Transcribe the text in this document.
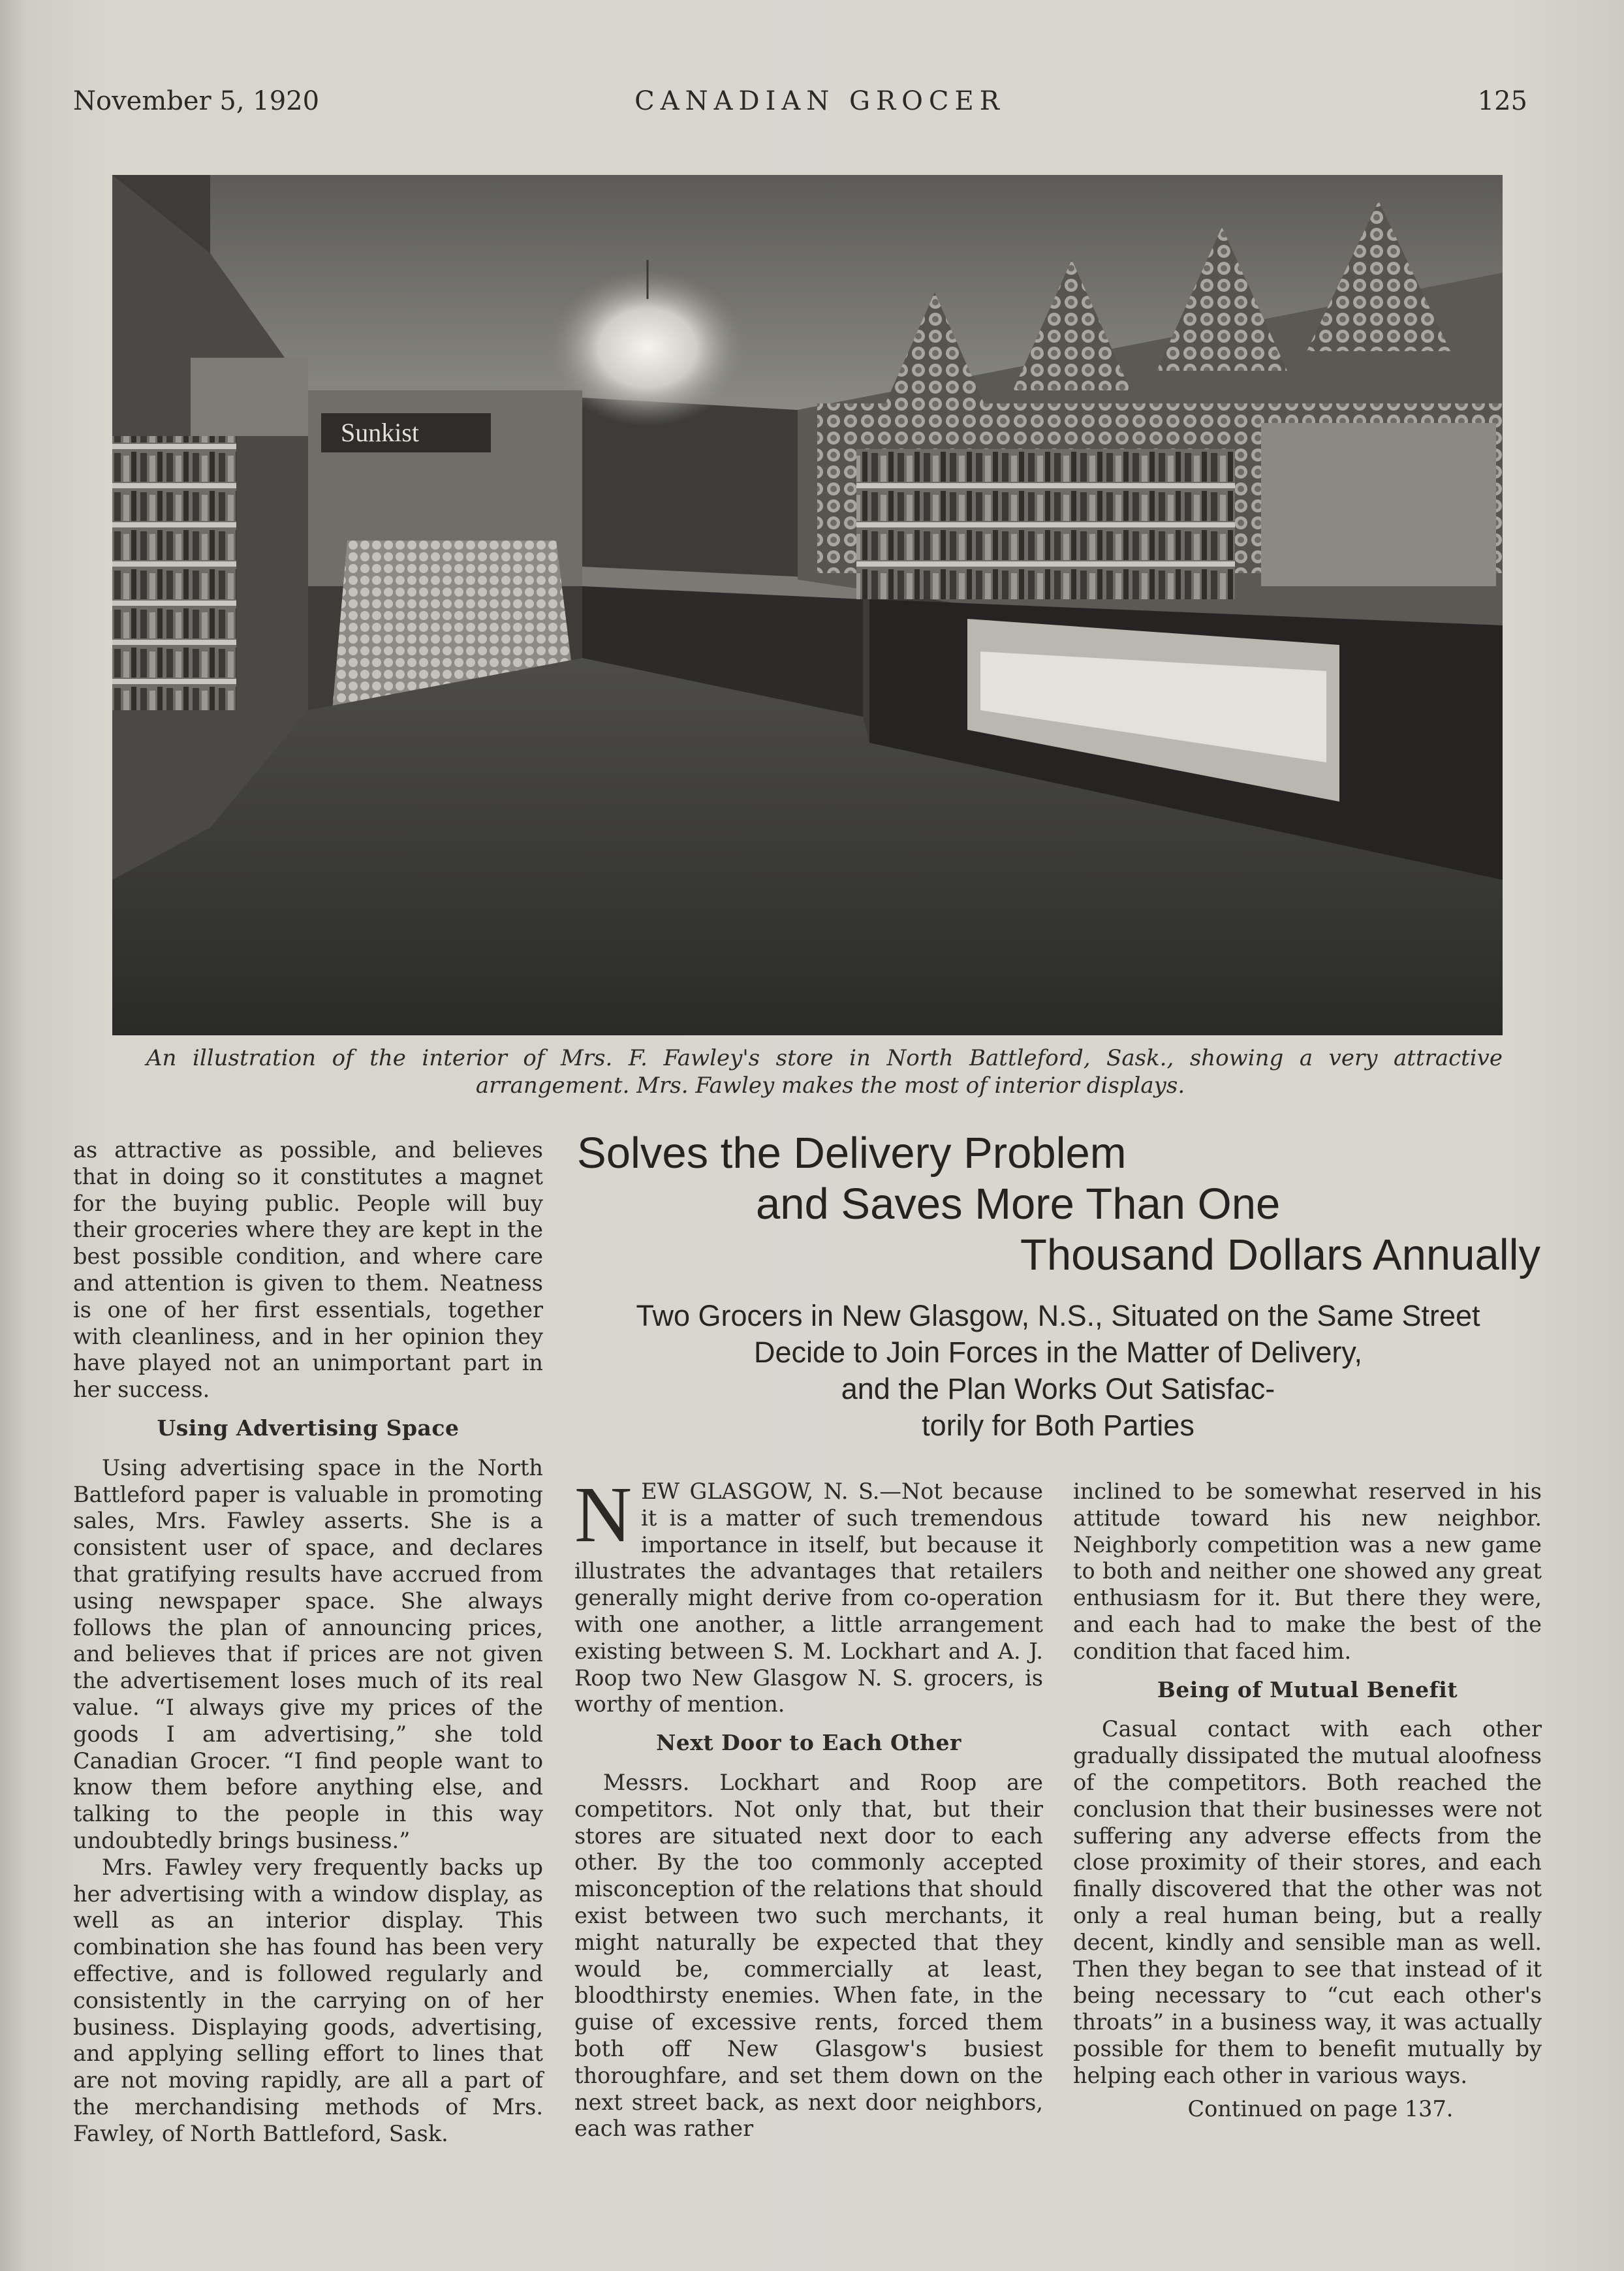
November 5, 1920	CANADIAN GROCER	125
Sunkist
An illustration of the interior of Mrs. F. Fawley's store in North Battleford, Sask., showing a very attractive
arrangement. Mrs. Fawley makes the most of interior displays.

as attractive as possible, and believes that in doing so it constitutes a magnet for the buying public. People will buy their groceries where they are kept in the best possible condition, and where care and attention is given to them. Neatness is one of her first essentials, together with cleanliness, and in her opinion they have played not an unimportant part in her success.

Using Advertising Space

Using advertising space in the North Battleford paper is valuable in promoting sales, Mrs. Fawley asserts. She is a consistent user of space, and declares that gratifying results have accrued from using newspaper space. She always follows the plan of announcing prices, and believes that if prices are not given the advertisement loses much of its real value. “I always give my prices of the goods I am advertising,” she told Canadian Grocer. “I find people want to know them before anything else, and talking to the people in this way undoubtedly brings business.”

Mrs. Fawley very frequently backs up her advertising with a window display, as well as an interior display. This combination she has found has been very effective, and is followed regularly and consistently in the carrying on of her business. Displaying goods, advertising, and applying selling effort to lines that are not moving rapidly, are all a part of the merchandising methods of Mrs. Fawley, of North Battleford, Sask.

Solves the Delivery Problem
and Saves More Than One
Thousand Dollars Annually
Two Grocers in New Glasgow, N.S., Situated on the Same Street
Decide to Join Forces in the Matter of Delivery,
and the Plan Works Out Satisfac-
torily for Both Parties

NEW GLASGOW, N. S.—Not because it is a matter of such tremendous importance in itself, but because it illustrates the advantages that retailers generally might derive from co-operation with one another, a little arrangement existing between S. M. Lockhart and A. J. Roop two New Glasgow N. S. grocers, is worthy of mention.

Next Door to Each Other

Messrs. Lockhart and Roop are competitors. Not only that, but their stores are situated next door to each other. By the too commonly accepted misconception of the relations that should exist between two such merchants, it might naturally be expected that they would be, commercially at least, bloodthirsty enemies. When fate, in the guise of excessive rents, forced them both off New Glasgow's busiest thoroughfare, and set them down on the next street back, as next door neighbors, each was rather

inclined to be somewhat reserved in his attitude toward his new neighbor. Neighborly competition was a new game to both and neither one showed any great enthusiasm for it. But there they were, and each had to make the best of the condition that faced him.

Being of Mutual Benefit

Casual contact with each other gradually dissipated the mutual aloofness of the competitors. Both reached the conclusion that their businesses were not suffering any adverse effects from the close proximity of their stores, and each finally discovered that the other was not only a real human being, but a really decent, kindly and sensible man as well. Then they began to see that instead of it being necessary to “cut each other's throats” in a business way, it was actually possible for them to benefit mutually by helping each other in various ways.

Continued on page 137.
